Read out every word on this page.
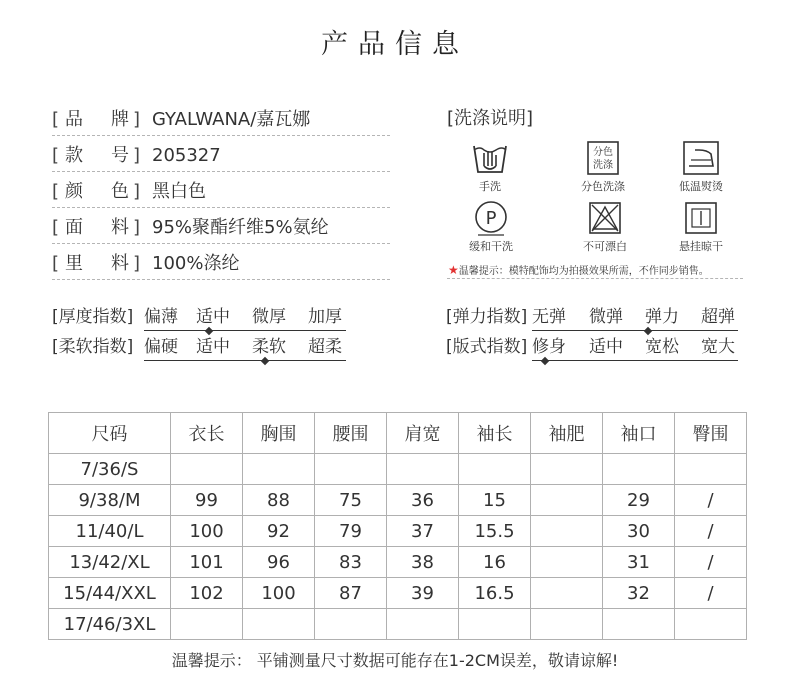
产品信息
[ 品 牌 ] GYALWANA/嘉瓦娜
[ 款 号 ] 205327
[ 颜 色 ] 黑白色
[ 面 料 ] 95%聚酯纤维5%氨纶
[ 里 料 ] 100%涤纶
[洗涤说明]
手洗
分色
洗涤
分色洗涤	低温熨烫
P
缓和干洗	不可漂白	悬挂晾干
★温馨提示：模特配饰均为拍摄效果所需，不作同步销售。
[厚度指数] 偏薄 适中 微厚 加厚
[柔软指数] 偏硬 适中 柔软 超柔
[弹力指数] 无弹 微弹 弹力 超弹
[版式指数] 修身 适中 宽松 宽大
尺码	衣长	胸围	腰围	肩宽	袖长	袖肥	袖口	臀围
7/36/S								
9/38/M	99	88	75	36	15		29	/
11/40/L	100	92	79	37	15.5		30	/
13/42/XL	101	96	83	38	16		31	/
15/44/XXL	102	100	87	39	16.5		32	/
17/46/3XL								
温馨提示： 平铺测量尺寸数据可能存在1-2CM误差，敬请谅解!
